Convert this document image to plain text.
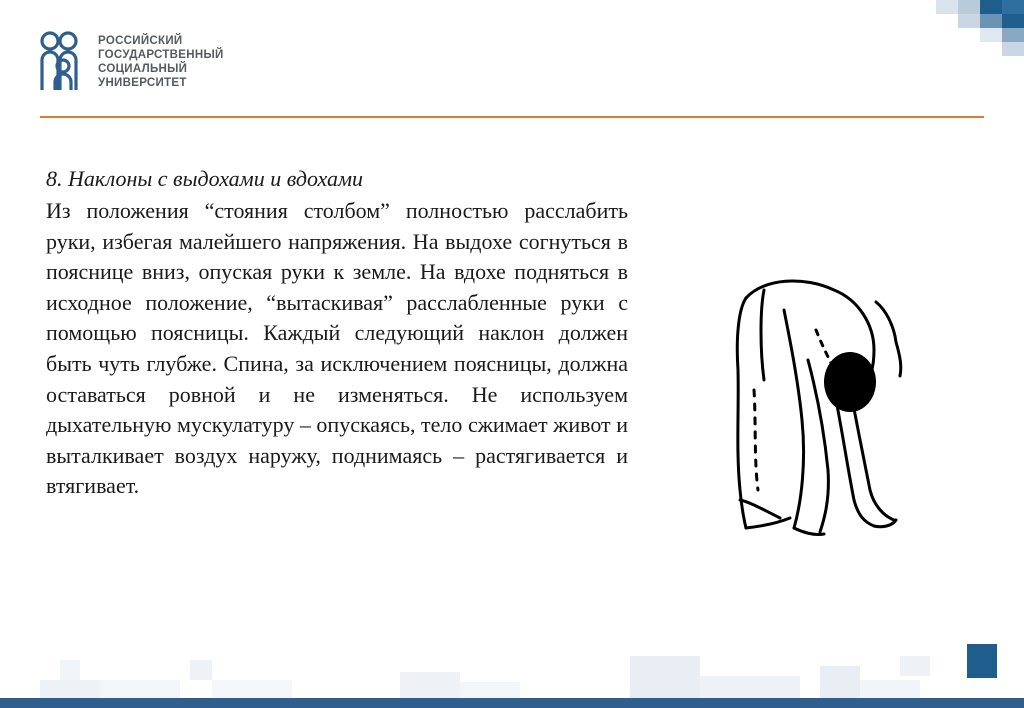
РОССИЙСКИЙ
ГОСУДАРСТВЕННЫЙ
СОЦИАЛЬНЫЙ
УНИВЕРСИТЕТ
8. Наклоны с выдохами и вдохами
Из положения “стояния столбом” полностью расслабить руки, избегая малейшего напряжения. На выдохе согнуться в пояснице вниз, опуская руки к земле. На вдохе подняться в исходное положение, “вытаскивая” расслабленные руки с помощью поясницы. Каждый следующий наклон должен быть чуть глубже. Спина, за исключением поясницы, должна оставаться ровной и не изменяться. Не используем дыхательную мускулатуру – опускаясь, тело сжимает живот и выталкивает воздух наружу, поднимаясь – растягивается и втягивает.
